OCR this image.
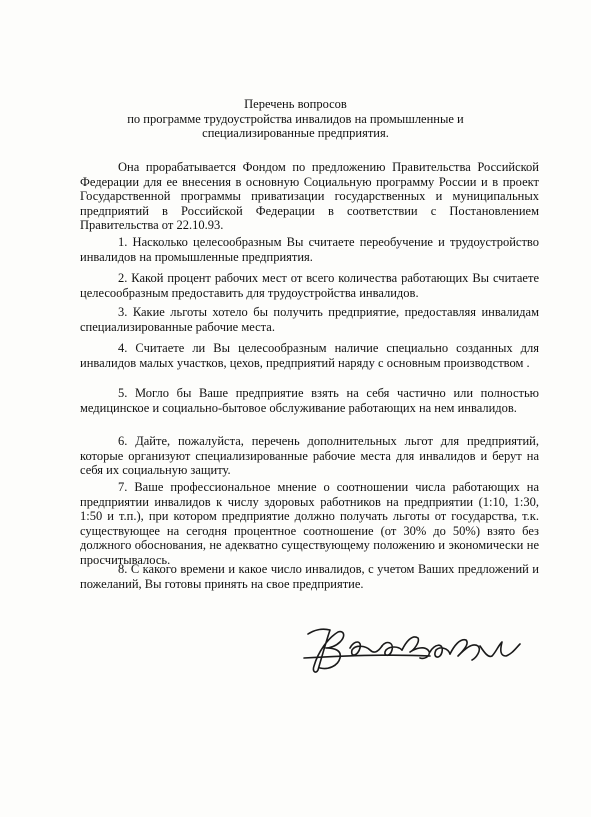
Перечень вопросов
по программе трудоустройства инвалидов на промышленные и
специализированные предприятия.
Она прорабатывается Фондом по предложению Правительства Российской Федерации для ее внесения в основную Социальную программу России и в проект Государственной программы приватизации государственных и муниципальных предприятий в Российской Федерации в соответствии с Постановлением Правительства от 22.10.93.
1. Насколько целесообразным Вы считаете переобучение и трудоустройство инвалидов на промышленные предприятия.
2. Какой процент рабочих мест от всего количества работающих Вы считаете целесообразным предоставить для трудоустройства инвалидов.
3. Какие льготы хотело бы получить предприятие, предоставляя инвалидам специализированные рабочие места.
4. Считаете ли Вы целесообразным наличие специально созданных для инвалидов малых участков, цехов, предприятий наряду с основным производством .
5. Могло бы Ваше предприятие взять на себя частично или полностью медицинское и социально-бытовое обслуживание работающих на нем инвалидов.
6. Дайте, пожалуйста, перечень дополнительных льгот для предприятий, которые организуют специализированные рабочие места для инвалидов и берут на себя их социальную защиту.
7. Ваше профессиональное мнение о соотношении числа работающих на предприятии инвалидов к числу здоровых работников на предприятии (1:10, 1:30, 1:50 и т.п.), при котором предприятие должно получать льготы от государства, т.к. существующее на сегодня процентное соотношение (от 30% до 50%) взято без должного обоснования, не адекватно существующему положению и экономически не просчитывалось.
8. С какого времени и какое число инвалидов, с учетом Ваших предложений и пожеланий, Вы готовы принять на свое предприятие.
